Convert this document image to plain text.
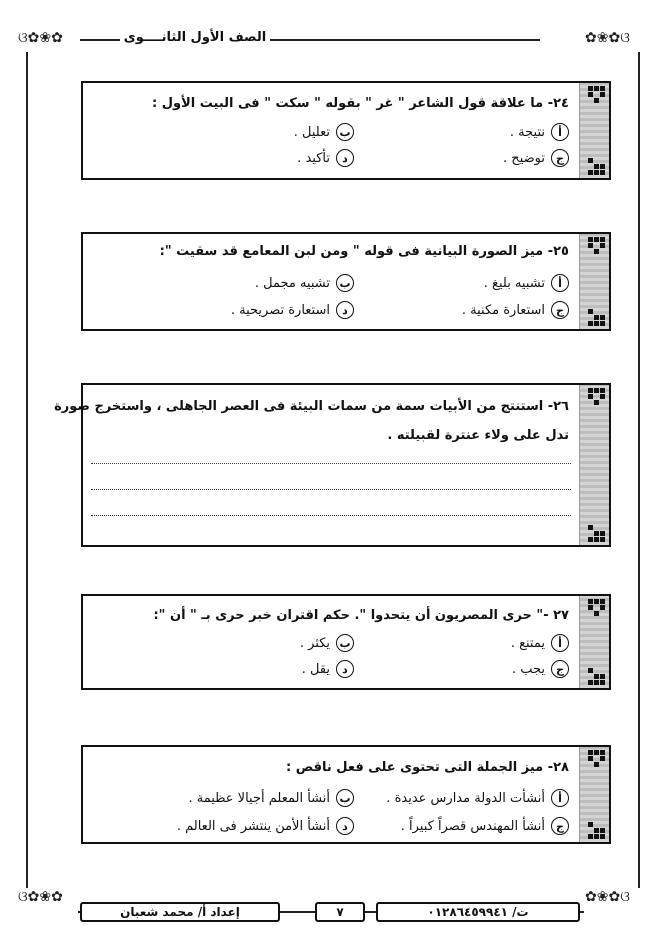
ଓ✿❀✿	الصف الأول الثانــــوى	✿❀✿ଓ
٢٤- ما علاقة قول الشاعر " غر " بقوله " سكت " فى البيت الأول :
أ
نتيجة .
ب
تعليل .
ج
توضيح .
د
تأكيد .
٢٥- ميز الصورة البيانية فى قوله " ومن لبن المعامع قد سقيت ":
أ
تشبيه بليغ .
ب
تشبيه مجمل .
ج
استعارة مكنية .
د
استعارة تصريحية .
٢٦- استنتج من الأبيات سمة من سمات البيئة فى العصر الجاهلى ، واستخرج صورة
تدل على ولاء عنترة لقبيلته .
٢٧ -" حرى المصريون أن يتحدوا ". حكم اقتران خبر حرى بـ " أن ":
أ
يمتنع .
ب
يكثر .
ج
يجب .
د
يقل .
٢٨- ميز الجملة التى تحتوى على فعل ناقص :
أ
أنشأت الدولة مدارس عديدة .
ب
أنشأ المعلم أجيالا عظيمة .
ج
أنشأ المهندس قصراً كبيراً .
د
أنشأ الأمن ينتشر فى العالم .
ଓ✿❀✿	✿❀✿ଓ
إعداد أ/ محمد شعبان	٧	ت/ ٠١٢٨٦٤٥٩٩٤١
